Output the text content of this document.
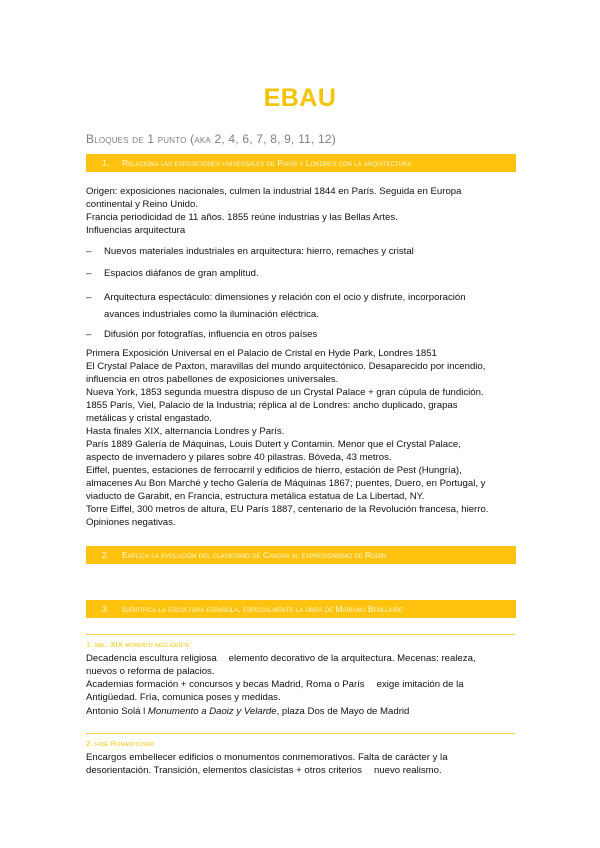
EBAU
Bloques de 1 punto (aka 2, 4, 6, 7, 8, 9, 11, 12)
1. Relaciona las exposiciones universales de París y Londres con la arquitectura
Origen: exposiciones nacionales, culmen la industrial 1844 en París. Seguida en Europa
continental y Reino Unido.
Francia periodicidad de 11 años. 1855 reúne industrias y las Bellas Artes.
Influencias arquitectura
– Nuevos materiales industriales en arquitectura: hierro, remaches y cristal
– Espacios diáfanos de gran amplitud.
– Arquitectura espectáculo: dimensiones y relación con el ocio y disfrute, incorporación
avances industriales como la iluminación eléctrica.
– Difusión por fotografías, influencia en otros países
Primera Exposición Universal en el Palacio de Cristal en Hyde Park, Londres 1851
El Crystal Palace de Paxton, maravillas del mundo arquitectónico. Desaparecido por incendio,
influencia en otros pabellones de exposiciones universales.
Nueva York, 1853 segunda muestra dispuso de un Crystal Palace + gran cúpula de fundición.
1855 París, Viel, Palacio de la Industria; réplica al de Londres: ancho duplicado, grapas
metálicas y cristal engastado.
Hasta finales XIX, alternancia Londres y París.
París 1889 Galería de Máquinas, Louis Dutert y Contamin. Menor que el Crystal Palace,
aspecto de invernadero y pilares sobre 40 pilastras. Bóveda, 43 metros.
Eiffel, puentes, estaciones de ferrocarril y edificios de hierro, estación de Pest (Hungría),
almacenes Au Bon Marché y techo Galería de Máquinas 1867; puentes, Duero, en Portugal, y
viaducto de Garabit, en Francia, estructura metálica estatua de La Libertad, NY.
Torre Eiffel, 300 metros de altura, EU París 1887, centenario de la Revolución francesa, hierro.
Opiniones negativas.
2. Explica la evolución del clasicismo de Canova al expresionismo de Rodin
3. Identifica la escultura española, especialmente la obra de Mariano Benlliure
1. mal. XIX momento negligente
Decadencia escultura religiosa elemento decorativo de la arquitectura. Mecenas: realeza,
nuevos o reforma de palacios.
Academias formación + concursos y becas Madrid, Roma o París exige imitación de la
Antigüedad. Fría, comunica poses y medidas.
Antonio Solá l Monumento a Daoiz y Velarde, plaza Dos de Mayo de Madrid
2. fase Romanticismo
Encargos embellecer edificios o monumentos conmemorativos. Falta de carácter y la
desorientación. Transición, elementos clasicistas + otros criterios nuevo realismo.
